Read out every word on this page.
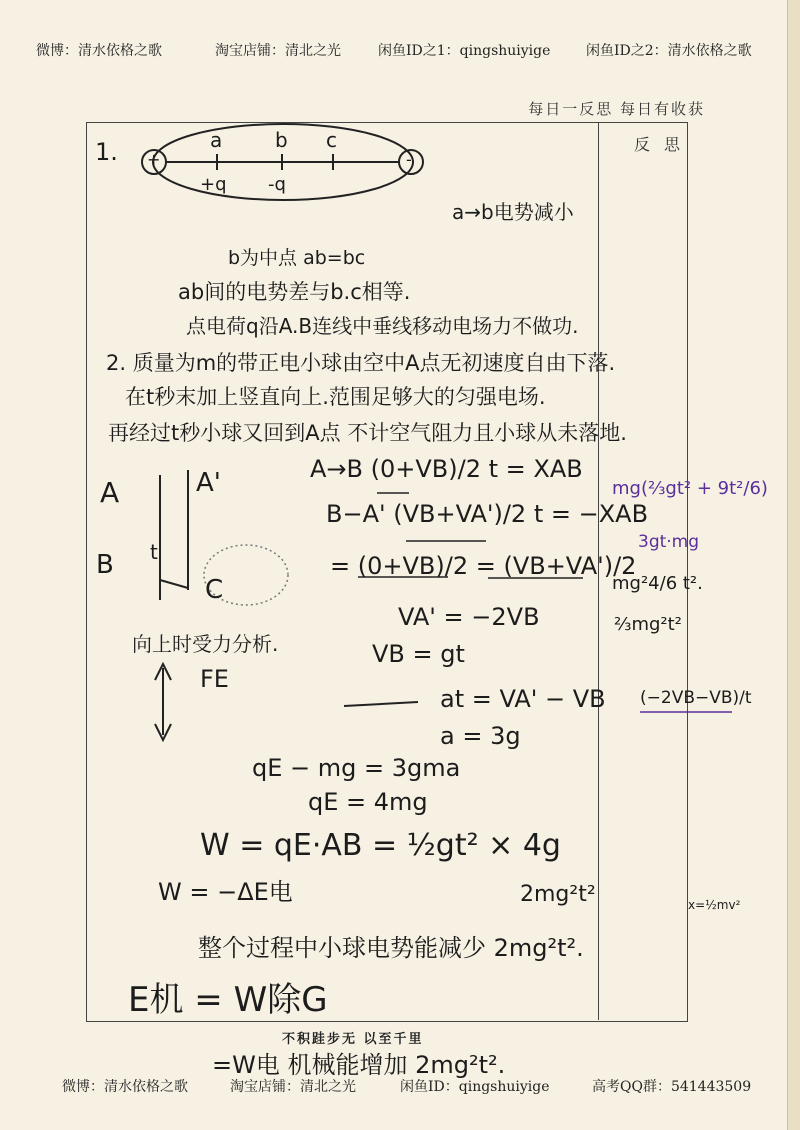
微博：清水依格之歌	淘宝店铺：清北之光	闲鱼ID之1：qingshuiyige	闲鱼ID之2：清水依格之歌
每日一反思 每日有收获
反思
1. +	-
a	b c
+q -q
a→b电势减小
b为中点 ab=bc
ab间的电势差与b.c相等.
点电荷q沿A.B连线中垂线移动电场力不做功.
2. 质量为m的带正电小球由空中A点无初速度自由下落.
在t秒末加上竖直向上.范围足够大的匀强电场.
再经过t秒小球又回到A点 不计空气阻力且小球从未落地.
A	A'
B t
C
A→B (0+VB)/2 t = XAB
B−A' (VB+VA')/2 t = −XAB
= (0+VB)/2 = (VB+VA')/2
VA' = −2VB
VB = gt
at = VA' − VB
a = 3g
qE − mg = 3gma
qE = 4mg
W = qE·AB = ½gt² × 4g
W = −ΔE电	2mg²t²
整个过程中小球电势能减少 2mg²t².
E机 = W除G
=W电 机械能增加 2mg²t².
向上时受力分析.
FE
mg(⅔gt² + 9t²/6)
3gt·mg
mg²4/6 t².
⅔mg²t²
(−2VB−VB)/t
x=½mv²
不积跬步无 以至千里
微博：清水依格之歌	淘宝店铺：清北之光	闲鱼ID：qingshuiyige	高考QQ群：541443509
